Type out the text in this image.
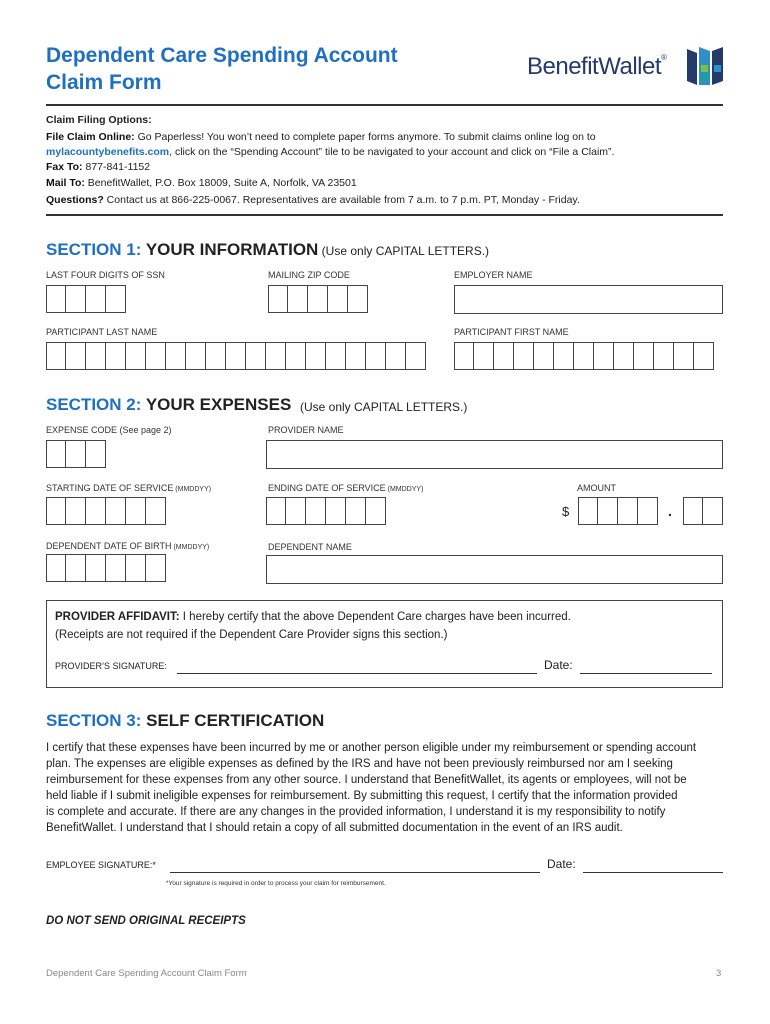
Dependent Care Spending Account
Claim Form
BenefitWallet®
Claim Filing Options:
File Claim Online: Go Paperless! You won’t need to complete paper forms anymore. To submit claims online log on to
mylacountybenefits.com, click on the “Spending Account” tile to be navigated to your account and click on “File a Claim”.
Fax To: 877-841-1152
Mail To: BenefitWallet, P.O. Box 18009, Suite A, Norfolk, VA 23501
Questions? Contact us at 866-225-0067. Representatives are available from 7 a.m. to 7 p.m. PT, Monday - Friday.
SECTION 1: YOUR INFORMATION (Use only CAPITAL LETTERS.)
LAST FOUR DIGITS OF SSN	MAILING ZIP CODE	EMPLOYER NAME
PARTICIPANT LAST NAME	PARTICIPANT FIRST NAME
SECTION 2: YOUR EXPENSES (Use only CAPITAL LETTERS.)
EXPENSE CODE (See page 2)	PROVIDER NAME
STARTING DATE OF SERVICE (MMDDYY)	ENDING DATE OF SERVICE (MMDDYY)	AMOUNT
$	.
DEPENDENT DATE OF BIRTH (MMDDYY)	DEPENDENT NAME
PROVIDER AFFIDAVIT: I hereby certify that the above Dependent Care charges have been incurred.
(Receipts are not required if the Dependent Care Provider signs this section.)
PROVIDER’S SIGNATURE:	Date:
SECTION 3: SELF CERTIFICATION
I certify that these expenses have been incurred by me or another person eligible under my reimbursement or spending account
plan. The expenses are eligible expenses as defined by the IRS and have not been previously reimbursed nor am I seeking
reimbursement for these expenses from any other source. I understand that BenefitWallet, its agents or employees, will not be
held liable if I submit ineligible expenses for reimbursement. By submitting this request, I certify that the information provided
is complete and accurate. If there are any changes in the provided information, I understand it is my responsibility to notify
BenefitWallet. I understand that I should retain a copy of all submitted documentation in the event of an IRS audit.
EMPLOYEE SIGNATURE:*	Date:
*Your signature is required in order to process your claim for reimbursement.
DO NOT SEND ORIGINAL RECEIPTS
Dependent Care Spending Account Claim Form	3
